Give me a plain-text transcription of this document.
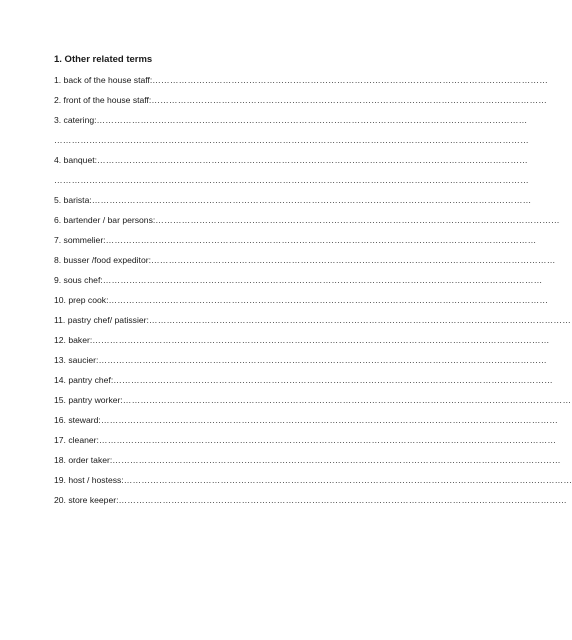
1. Other related terms
1. back of the house staff: ………………………………………………………………………………………………………………………
2. front of the house staff: ………………………………………………………………………………………………………………………
3. catering: …………………………………………………………………………………………………………………………………
………………………………………………………………………………………………………………………………………………
4. banquet: …………………………………………………………………………………………………………………………………
………………………………………………………………………………………………………………………………………………
5. barista: ……………………………………………………………………………………………………………………………………
6. bartender / bar persons: …………………………………………………………………………………………………………………………
7. sommelier: …………………………………………………………………………………………………………………………………
8. busser /food expeditor: …………………………………………………………………………………………………………………………
9. sous chef: ……………………………………………………………………………………………………………………………………
10. prep cook: ……………………………………………………………………………………………………………………………………
11. pastry chef/ patissier: ………………………………………………………………………………………………………………………………
12. baker: …………………………………………………………………………………………………………………………………………
13. saucier: ………………………………………………………………………………………………………………………………………
14. pantry chef: ……………………………………………………………………………………………………………………………………
15. pantry worker: ………………………………………………………………………………………………………………………………………
16. steward: …………………………………………………………………………………………………………………………………………
17. cleaner: …………………………………………………………………………………………………………………………………………
18. order taker: ………………………………………………………………………………………………………………………………………
19. host / hostess: ………………………………………………………………………………………………………………………………………
20. store keeper: ………………………………………………………………………………………………………………………………………
